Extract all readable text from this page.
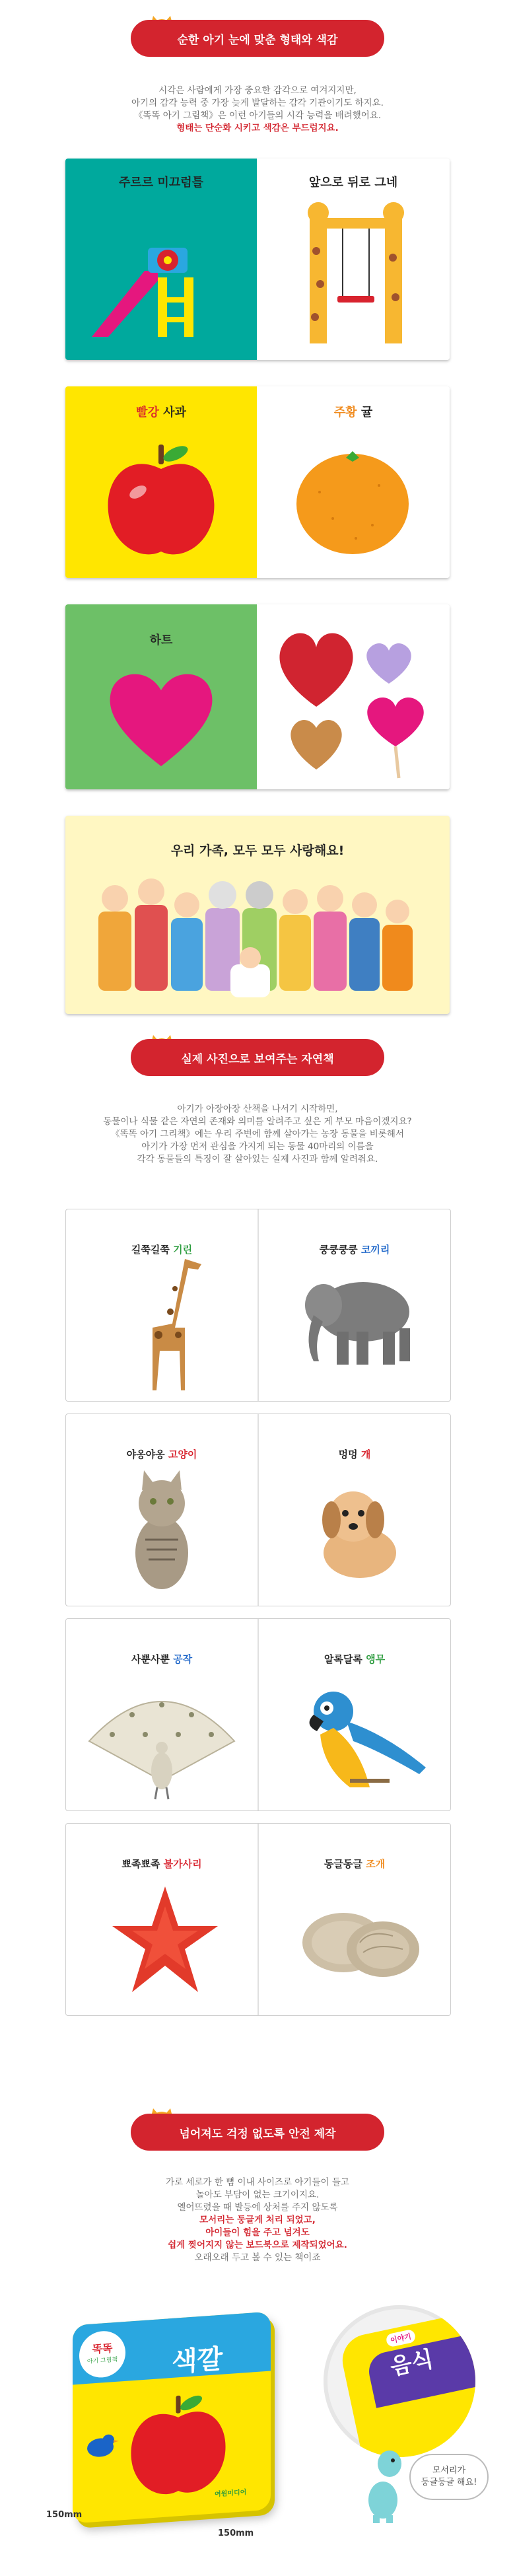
순한 아기 눈에 맞춘 형태와 색감
시각은 사람에게 가장 중요한 감각으로 여겨지지만,
아기의 감각 능력 중 가장 늦게 발달하는 감각 기관이기도 하지요.
《똑똑 아기 그림책》은 이런 아기들의 시각 능력을 배려했어요.
형태는 단순화 시키고 색감은 부드럽지요.
주르르 미끄럼틀	앞으로 뒤로 그네
빨강 사과	주황 귤
하트
우리 가족, 모두 모두 사랑해요!
실제 사진으로 보여주는 자연책
아기가 아장아장 산책을 나서기 시작하면,
동물이나 식물 같은 자연의 존재와 의미를 알려주고 싶은 게 부모 마음이겠지요?
《똑똑 아기 그리책》에는 우리 주변에 함께 살아가는 농장 동물을 비롯해서
아기가 가장 먼저 관심을 가지게 되는 동물 40마리의 이름을
각각 동물들의 특징이 잘 살아있는 실제 사진과 함께 알려줘요.
길쭉길쭉 기린	쿵쿵쿵쿵 코끼리
야옹야옹 고양이	멍멍 개
사뿐사뿐 공작	알록달록 앵무
뾰족뾰족 불가사리	동글동글 조개
넘어져도 걱정 없도록 안전 제작
가로 세로가 한 뼘 이내 사이즈로 아기들이 들고
놀아도 부담이 없는 크기이지요.
옐어뜨렸을 때 발등에 상처를 주지 않도록
모서리는 둥글게 처리 되었고,
아이들이 힘을 주고 넘겨도
쉽게 찢어지지 않는 보드북으로 제작되었어요.
오래오래 두고 볼 수 있는 책이죠
똑똑
아기 그림책 색깔
여원미디어
150mm
150mm
음식
이야기
모서리가
둥글둥글 해요!
